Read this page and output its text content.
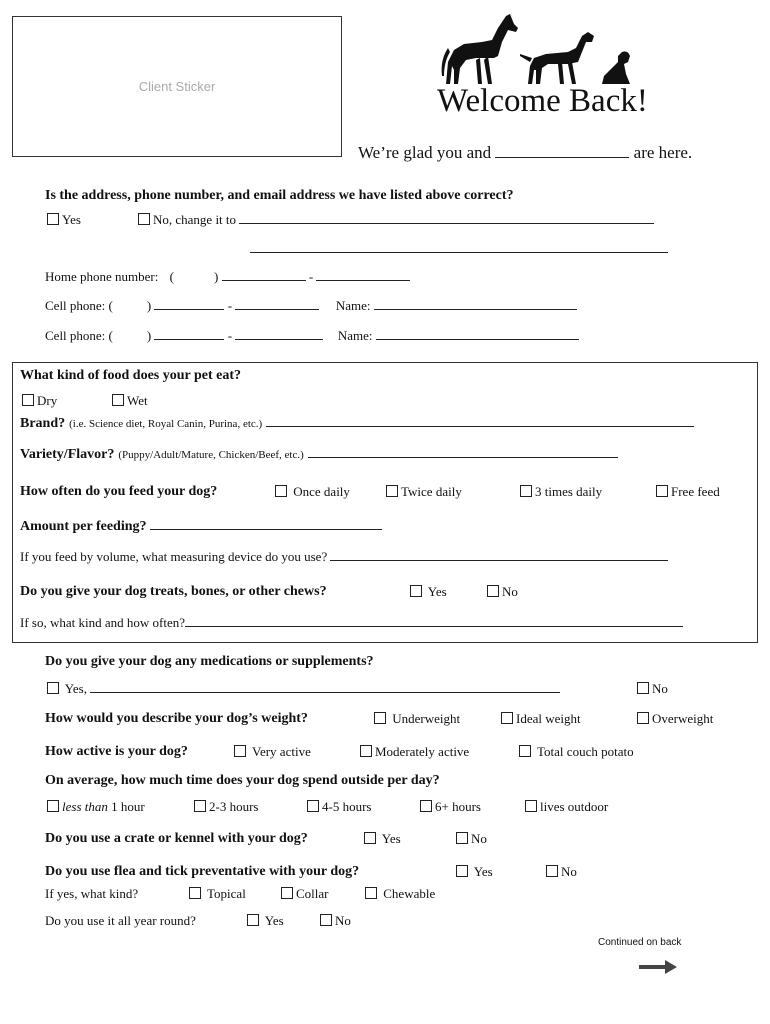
Client Sticker	Welcome Back!
We’re glad you and	are here.
Is the address, phone number, and email address we have listed above correct?
Yes	No, change it to
Home phone number: (	)	-
Cell phone: (	)	-	Name:
Cell phone: (	)	-	Name:
What kind of food does your pet eat?
Dry	Wet
Brand? (i.e. Science diet, Royal Canin, Purina, etc.)
Variety/Flavor? (Puppy/Adult/Mature, Chicken/Beef, etc.)
How often do you feed your dog?	Once daily	Twice daily	3 times daily	Free feed
Amount per feeding?
If you feed by volume, what measuring device do you use?
Do you give your dog treats, bones, or other chews?	Yes	No
If so, what kind and how often?
Do you give your dog any medications or supplements?
Yes,	No
How would you describe your dog’s weight?	Underweight	Ideal weight	Overweight
How active is your dog?	Very active	Moderately active	Total couch potato
On average, how much time does your dog spend outside per day?
less than 1 hour	2-3 hours	4-5 hours	6+ hours	lives outdoor
Do you use a crate or kennel with your dog?	Yes	No
Do you use flea and tick preventative with your dog?	Yes	No
If yes, what kind?	Topical	Collar	Chewable
Do you use it all year round?	Yes	No
Continued on back
